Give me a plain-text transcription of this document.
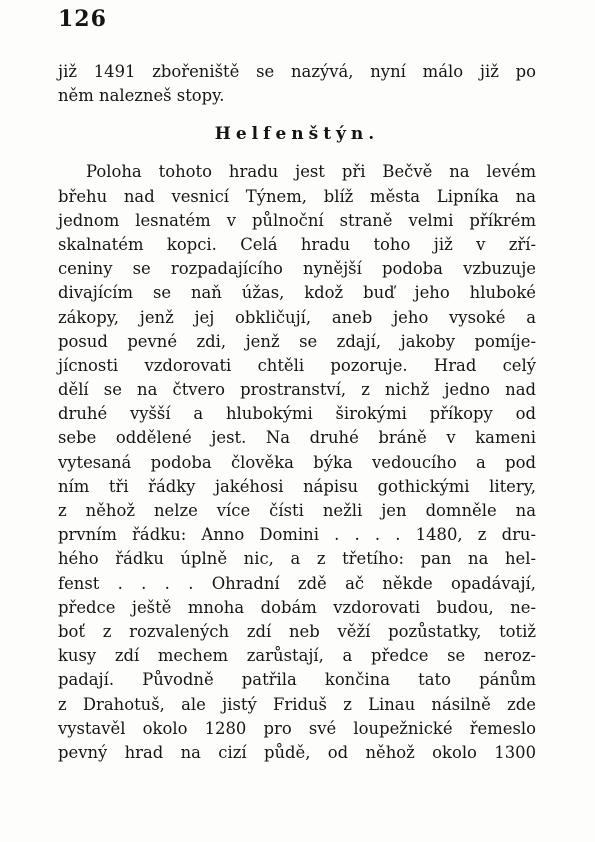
126
již 1491 zbořeniště se nazývá, nyní málo již po
něm nalezneš stopy.
Helfenštýn.
Poloha tohoto hradu jest při Bečvě na levém
břehu nad vesnicí Týnem, blíž města Lipníka na
jednom lesnatém v půlnoční straně velmi příkrém
skalnatém kopci. Celá hradu toho již v zří-
ceniny se rozpadajícího nynější podoba vzbuzuje
divajícím se naň úžas, kdož buď jeho hluboké
zákopy, jenž jej obkličují, aneb jeho vysoké a
posud pevné zdi, jenž se zdají, jakoby pomíje-
jícnosti vzdorovati chtěli pozoruje. Hrad celý
dělí se na čtvero prostranství, z nichž jedno nad
druhé vyšší a hlubokými širokými příkopy od
sebe oddělené jest. Na druhé bráně v kameni
vytesaná podoba člověka býka vedoucího a pod
ním tři řádky jakéhosi nápisu gothickými litery,
z něhož nelze více čísti nežli jen domněle na
prvním řádku: Anno Domini . . . . 1480, z dru-
hého řádku úplně nic, a z třetího: pan na hel-
fenst . . . . Ohradní zdě ač někde opadávají,
předce ještě mnoha dobám vzdorovati budou, ne-
boť z rozvalených zdí neb věží pozůstatky, totiž
kusy zdí mechem zarůstají, a předce se neroz-
padají. Původně patřila končina tato pánům
z Drahotuš, ale jistý Friduš z Linau násilně zde
vystavěl okolo 1280 pro své loupežnické řemeslo
pevný hrad na cizí půdě, od něhož okolo 1300
